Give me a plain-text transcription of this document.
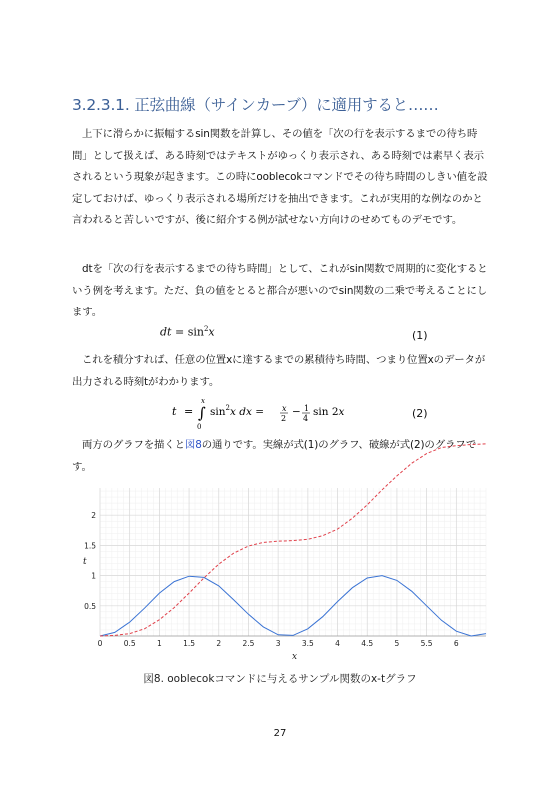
3.2.3.1. 正弦曲線（サインカーブ）に適用すると……

上下に滑らかに振幅するsin関数を計算し、その値を「次の行を表示するまでの待ち時間」として扱えば、ある時刻ではテキストがゆっくり表示され、ある時刻では素早く表示されるという現象が起きます。この時にooblecokコマンドでその待ち時間のしきい値を設定しておけば、ゆっくり表示される場所だけを抽出できます。これが実用的な例なのかと言われると苦しいですが、後に紹介する例が試せない方向けのせめてものデモです。

dtを「次の行を表示するまでの待ち時間」として、これがsin関数で周期的に変化するという例を考えます。ただ、負の値をとると都合が悪いのでsin関数の二乗で考えることにします。

dt = $\sin^2x$	(1)

これを積分すれば、任意の位置xに達するまでの累積待ち時間、つまり位置xのデータが出力される時刻tがわかります。

t = ∫
x
0
$\sin^2x$ dx = x
2
− 1
4
sin 2x	(2)

両方のグラフを描くと図8の通りです。実線が式(1)のグラフ、破線が式(2)のグラフです。

0	0.5	1	1.5	2	2.5	3	3.5	4	4.5	5	5.5	6
0.5
1
1.5
2
t
x
図8. ooblecokコマンドに与えるサンプル関数のx-tグラフ
27
